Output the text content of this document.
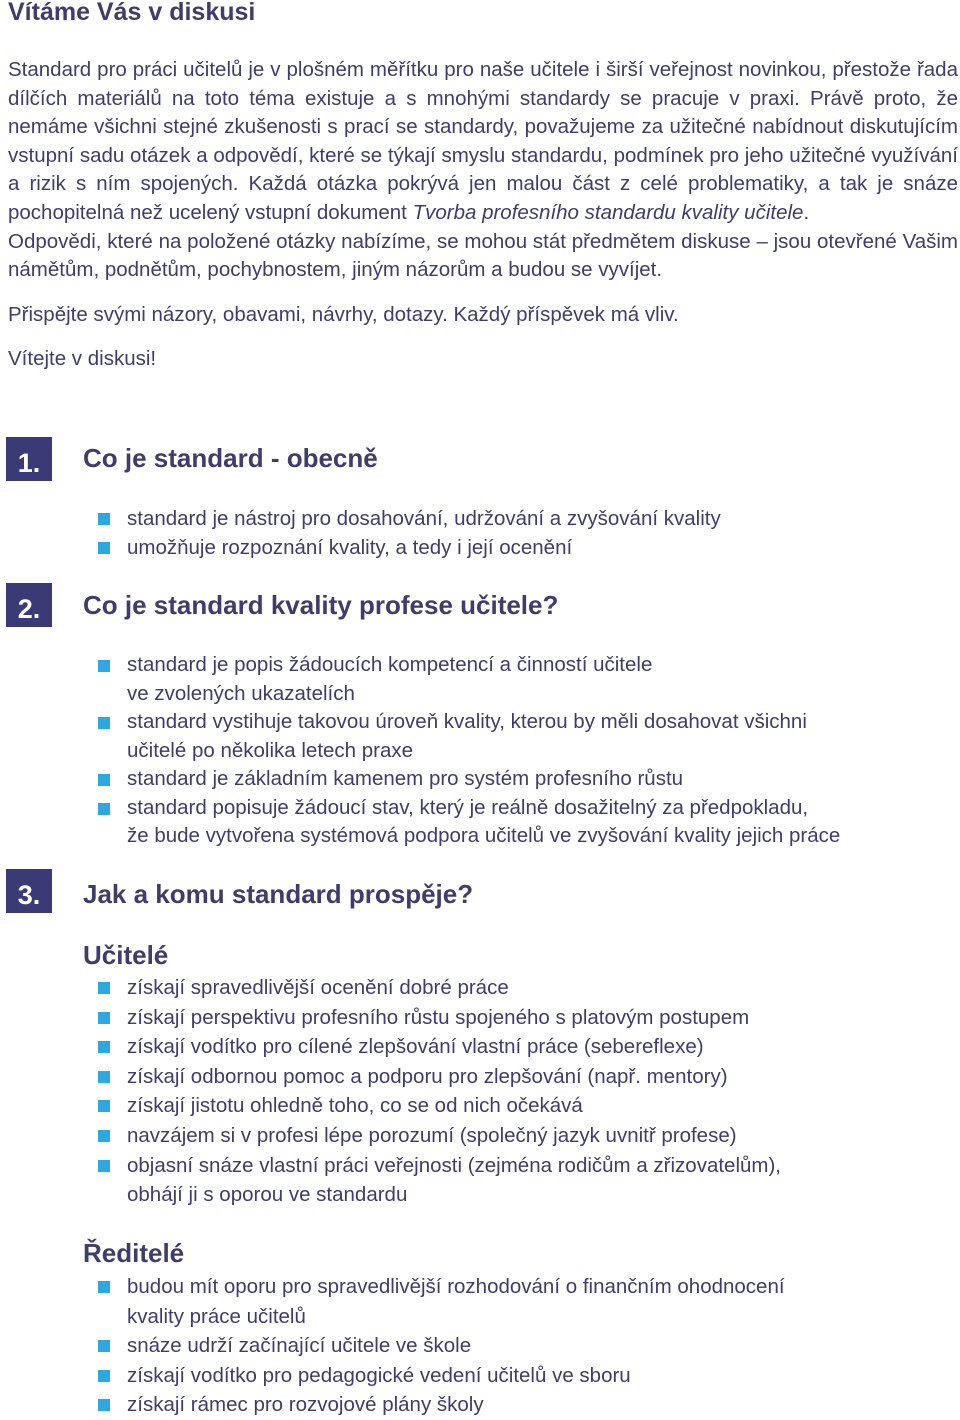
Vítáme Vás v diskusi

Standard pro práci učitelů je v plošném měřítku pro naše učitele i širší veřejnost novinkou, přestože řada dílčích materiálů na toto téma existuje a s mnohými standardy se pracuje v praxi. Právě proto, že nemáme všichni stejné zkušenosti s prací se standardy, považujeme za užitečné nabídnout diskutujícím vstupní sadu otázek a odpovědí, které se týkají smyslu standardu, podmínek pro jeho užitečné využívání a rizik s ním spojených. Každá otázka pokrývá jen malou část z celé problematiky, a tak je snáze pochopitelná než ucelený vstupní dokument Tvorba profesního standardu kvality učitele.

Odpovědi, které na položené otázky nabízíme, se mohou stát předmětem diskuse – jsou otevřené Vašim námětům, podnětům, pochybnostem, jiným názorům a budou se vyvíjet.

Přispějte svými názory, obavami, návrhy, dotazy. Každý příspěvek má vliv.

Vítejte v diskusi!

1.	Co je standard - obecně
standard je nástroj pro dosahování, udržování a zvyšování kvality
umožňuje rozpoznání kvality, a tedy i její ocenění
2.	Co je standard kvality profese učitele?
standard je popis žádoucích kompetencí a činností učitele
ve zvolených ukazatelích
standard vystihuje takovou úroveň kvality, kterou by měli dosahovat všichni
učitelé po několika letech praxe
standard je základním kamenem pro systém profesního růstu
standard popisuje žádoucí stav, který je reálně dosažitelný za předpokladu,
že bude vytvořena systémová podpora učitelů ve zvyšování kvality jejich práce
3.	Jak a komu standard prospěje?
Učitelé
získají spravedlivější ocenění dobré práce
získají perspektivu profesního růstu spojeného s platovým postupem
získají vodítko pro cílené zlepšování vlastní práce (sebereflexe)
získají odbornou pomoc a podporu pro zlepšování (např. mentory)
získají jistotu ohledně toho, co se od nich očekává
navzájem si v profesi lépe porozumí (společný jazyk uvnitř profese)
objasní snáze vlastní práci veřejnosti (zejména rodičům a zřizovatelům),
obhájí ji s oporou ve standardu
Ředitelé
budou mít oporu pro spravedlivější rozhodování o finančním ohodnocení
kvality práce učitelů
snáze udrží začínající učitele ve škole
získají vodítko pro pedagogické vedení učitelů ve sboru
získají rámec pro rozvojové plány školy
